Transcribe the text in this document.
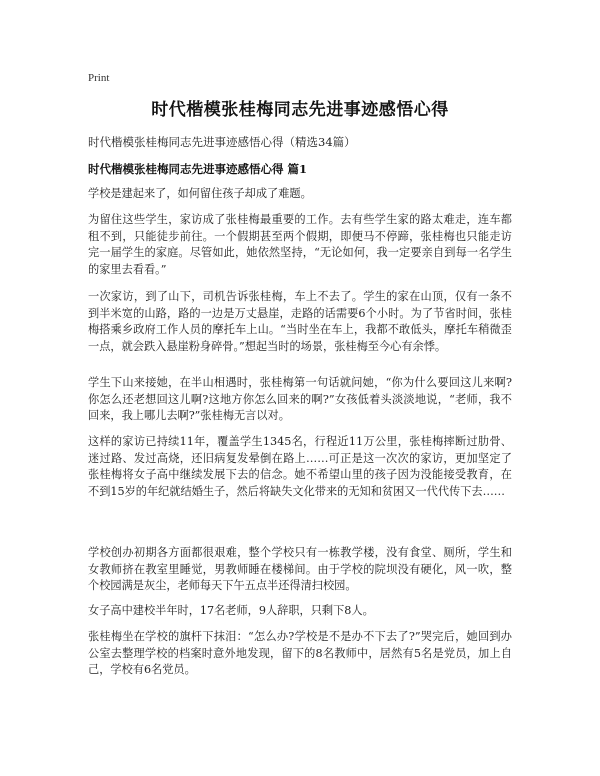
Print
时代楷模张桂梅同志先进事迹感悟心得

时代楷模张桂梅同志先进事迹感悟心得（精选34篇）

时代楷模张桂梅同志先进事迹感悟心得 篇1

学校是建起来了，如何留住孩子却成了难题。

为留住这些学生，家访成了张桂梅最重要的工作。去有些学生家的路太难走，连车都租不到，只能徒步前往。一个假期甚至两个假期，即便马不停蹄，张桂梅也只能走访完一届学生的家庭。尽管如此，她依然坚持，“无论如何，我一定要亲自到每一名学生的家里去看看。”

一次家访，到了山下，司机告诉张桂梅，车上不去了。学生的家在山顶，仅有一条不到半米宽的山路，路的一边是万丈悬崖，走路的话需要6个小时。为了节省时间，张桂梅搭乘乡政府工作人员的摩托车上山。“当时坐在车上，我都不敢低头，摩托车稍微歪一点，就会跌入悬崖粉身碎骨。”想起当时的场景，张桂梅至今心有余悸。

学生下山来接她，在半山相遇时，张桂梅第一句话就问她，“你为什么要回这儿来啊?你怎么还老想回这儿啊?这地方你怎么回来的啊?”女孩低着头淡淡地说，“老师，我不回来，我上哪儿去啊?”张桂梅无言以对。

这样的家访已持续11年，覆盖学生1345名，行程近11万公里，张桂梅摔断过肋骨、迷过路、发过高烧，还旧病复发晕倒在路上……可正是这一次次的家访，更加坚定了张桂梅将女子高中继续发展下去的信念。她不希望山里的孩子因为没能接受教育，在不到15岁的年纪就结婚生子，然后将缺失文化带来的无知和贫困又一代代传下去……

学校创办初期各方面都很艰难，整个学校只有一栋教学楼，没有食堂、厕所，学生和女教师挤在教室里睡觉，男教师睡在楼梯间。由于学校的院坝没有硬化，风一吹，整个校园满是灰尘，老师每天下午五点半还得清扫校园。

女子高中建校半年时，17名老师，9人辞职，只剩下8人。

张桂梅坐在学校的旗杆下抹泪：“怎么办?学校是不是办不下去了?”哭完后，她回到办公室去整理学校的档案时意外地发现，留下的8名教师中，居然有5名是党员，加上自己，学校有6名党员。
